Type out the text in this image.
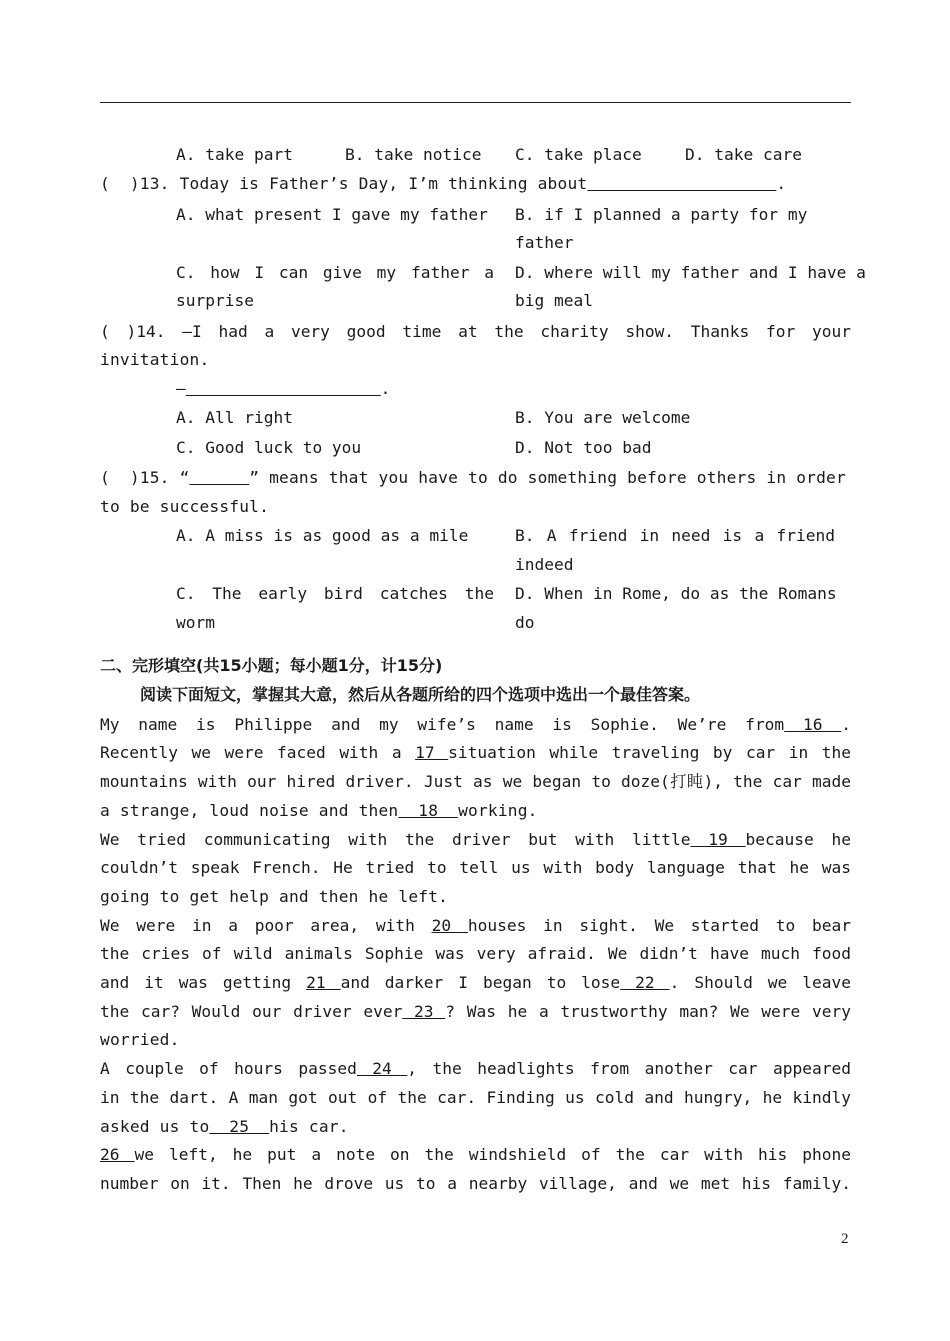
A. take part	B. take notice C. take place	D. take care
(  )13. Today is Father’s Day, I’m thinking about	.
A. what present I gave my father B. if I planned a party for my
father
C. how I can give my father a
surprise
D. where will my father and I have a
big meal
( )14. —I had a very good time at the charity show. Thanks for your
invitation.
—	.
A. All right	B. You are welcome
C. Good luck to you	D. Not too bad
(  )15. “	” means that you have to do something before others in order
to be successful.
A. A miss is as good as a mile	B. A friend in need is a friend
indeed
C. The early bird catches the
worm
D. When in Rome, do as the Romans
do
二、完形填空(共15小题；每小题1分，计15分)
阅读下面短文，掌握其大意，然后从各题所给的四个选项中选出一个最佳答案。
My name is Philippe and my wife’s name is Sophie. We’re from 16 .
Recently we were faced with a 17 situation while traveling by car in the
mountains with our hired driver. Just as we began to doze(打盹), the car made
a strange, loud noise and then  18  working.
We tried communicating with the driver but with little 19 because he
couldn’t speak French. He tried to tell us with body language that he was
going to get help and then he left.
We were in a poor area, with 20 houses in sight. We started to bear
the cries of wild animals Sophie was very afraid. We didn’t have much food
and it was getting 21 and darker I began to lose 22 . Should we leave
the car? Would our driver ever 23 ? Was he a trustworthy man? We were very
worried.
A couple of hours passed 24 , the headlights from another car appeared
in the dart. A man got out of the car. Finding us cold and hungry, he kindly
asked us to  25  his car.
26 we left, he put a note on the windshield of the car with his phone
number on it. Then he drove us to a nearby village, and we met his family.
2
